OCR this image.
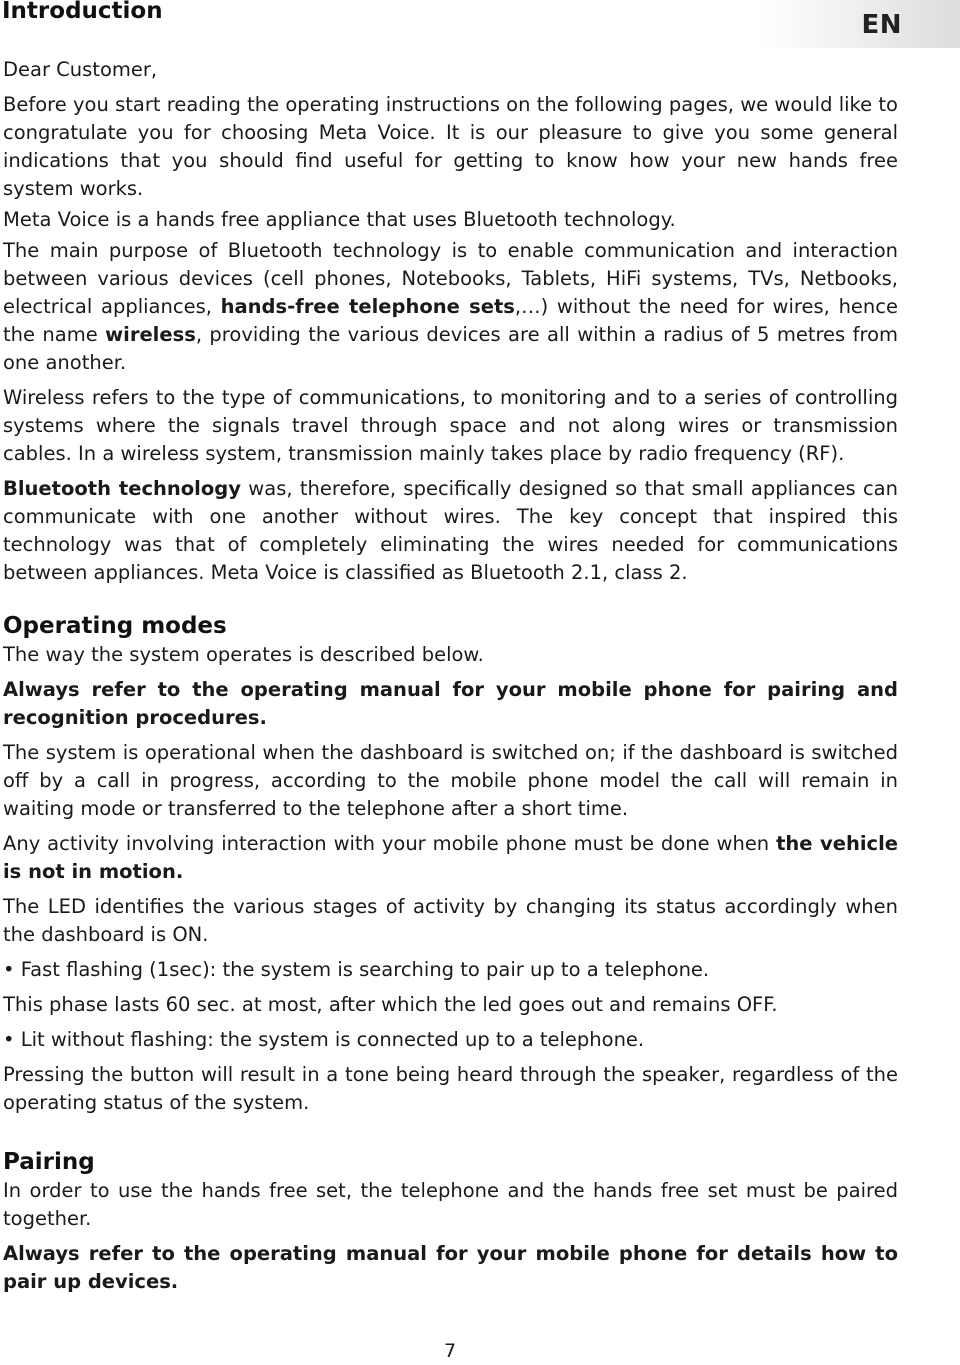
EN
Introduction

Dear Customer,

Before you start reading the operating instructions on the following pages, we would like to congratulate you for choosing Meta Voice. It is our pleasure to give you some general indications that you should find useful for getting to know how your new hands free system works.

Meta Voice is a hands free appliance that uses Bluetooth technology.

The main purpose of Bluetooth technology is to enable communication and interaction between various devices (cell phones, Notebooks, Tablets, HiFi systems, TVs, Netbooks, electrical appliances, hands-free telephone sets,…) without the need for wires, hence the name wireless, providing the various devices are all within a radius of 5 metres from one another.

Wireless refers to the type of communications, to monitoring and to a series of controlling systems where the signals travel through space and not along wires or transmission cables. In a wireless system, transmission mainly takes place by radio frequency (RF).

Bluetooth technology was, therefore, specifically designed so that small appliances can communicate with one another without wires. The key concept that inspired this technology was that of completely eliminating the wires needed for communications between appliances. Meta Voice is classified as Bluetooth 2.1, class 2.

Operating modes

The way the system operates is described below.

Always refer to the operating manual for your mobile phone for pairing and recognition procedures.

The system is operational when the dashboard is switched on; if the dashboard is switched off by a call in progress, according to the mobile phone model the call will remain in waiting mode or transferred to the telephone after a short time.

Any activity involving interaction with your mobile phone must be done when the vehicle is not in motion.

The LED identifies the various stages of activity by changing its status accordingly when the dashboard is ON.

• Fast flashing (1sec): the system is searching to pair up to a telephone.

This phase lasts 60 sec. at most, after which the led goes out and remains OFF.

• Lit without flashing: the system is connected up to a telephone.

Pressing the button will result in a tone being heard through the speaker, regardless of the operating status of the system.

Pairing

In order to use the hands free set, the telephone and the hands free set must be paired together.

Always refer to the operating manual for your mobile phone for details how to pair up devices.

7
